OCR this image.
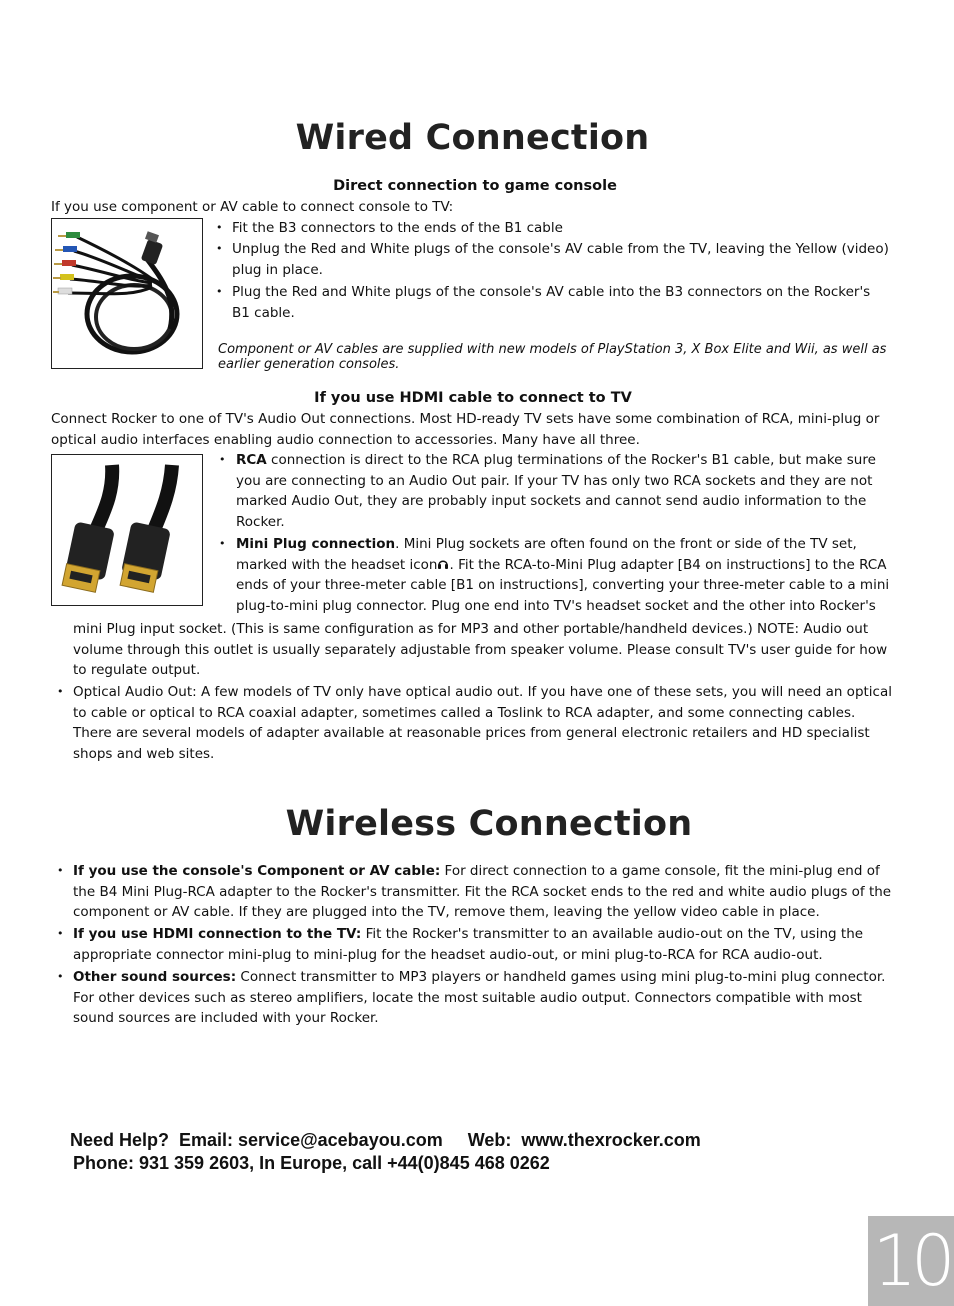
Wired Connection
Direct connection to game console
If you use component or AV cable to connect console to TV:
• Fit the B3 connectors to the ends of the B1 cable
• Unplug the Red and White plugs of the console's AV cable from the TV, leaving the Yellow (video) plug in place.
• Plug the Red and White plugs of the console's AV cable into the B3 connectors on the Rocker's B1 cable.
Component or AV cables are supplied with new models of PlayStation 3, X Box Elite and Wii, as well as earlier generation consoles.
If you use HDMI cable to connect to TV
Connect Rocker to one of TV's Audio Out connections. Most HD-ready TV sets have some combination of RCA, mini-plug or optical audio interfaces enabling audio connection to accessories. Many have all three.
• RCA connection is direct to the RCA plug terminations of the Rocker's B1 cable, but make sure you are connecting to an Audio Out pair. If your TV has only two RCA sockets and they are not marked Audio Out, they are probably input sockets and cannot send audio information to the Rocker.
• Mini Plug connection. Mini Plug sockets are often found on the front or side of the TV set, marked with the headset icon . Fit the RCA-to-Mini Plug adapter [B4 on instructions] to the RCA ends of your three-meter cable [B1 on instructions], converting your three-meter cable to a mini plug-to-mini plug connector. Plug one end into TV's headset socket and the other into Rocker's
mini Plug input socket. (This is same configuration as for MP3 and other portable/handheld devices.) NOTE: Audio out volume through this outlet is usually separately adjustable from speaker volume. Please consult TV's user guide for how to regulate output.
• Optical Audio Out: A few models of TV only have optical audio out. If you have one of these sets, you will need an optical to cable or optical to RCA coaxial adapter, sometimes called a Toslink to RCA adapter, and some connecting cables. There are several models of adapter available at reasonable prices from general electronic retailers and HD specialist shops and web sites.
Wireless Connection
• If you use the console's Component or AV cable: For direct connection to a game console, fit the mini-plug end of the B4 Mini Plug-RCA adapter to the Rocker's transmitter. Fit the RCA socket ends to the red and white audio plugs of the component or AV cable. If they are plugged into the TV, remove them, leaving the yellow video cable in place.
• If you use HDMI connection to the TV: Fit the Rocker's transmitter to an available audio-out on the TV, using the appropriate connector mini-plug to mini-plug for the headset audio-out, or mini plug-to-RCA for RCA audio-out.
• Other sound sources: Connect transmitter to MP3 players or handheld games using mini plug-to-mini plug connector. For other devices such as stereo amplifiers, locate the most suitable audio output. Connectors compatible with most sound sources are included with your Rocker.
Need Help?  Email: service@acebayou.com     Web:  www.thexrocker.com
Phone: 931 359 2603, In Europe, call +44(0)845 468 0262
10
